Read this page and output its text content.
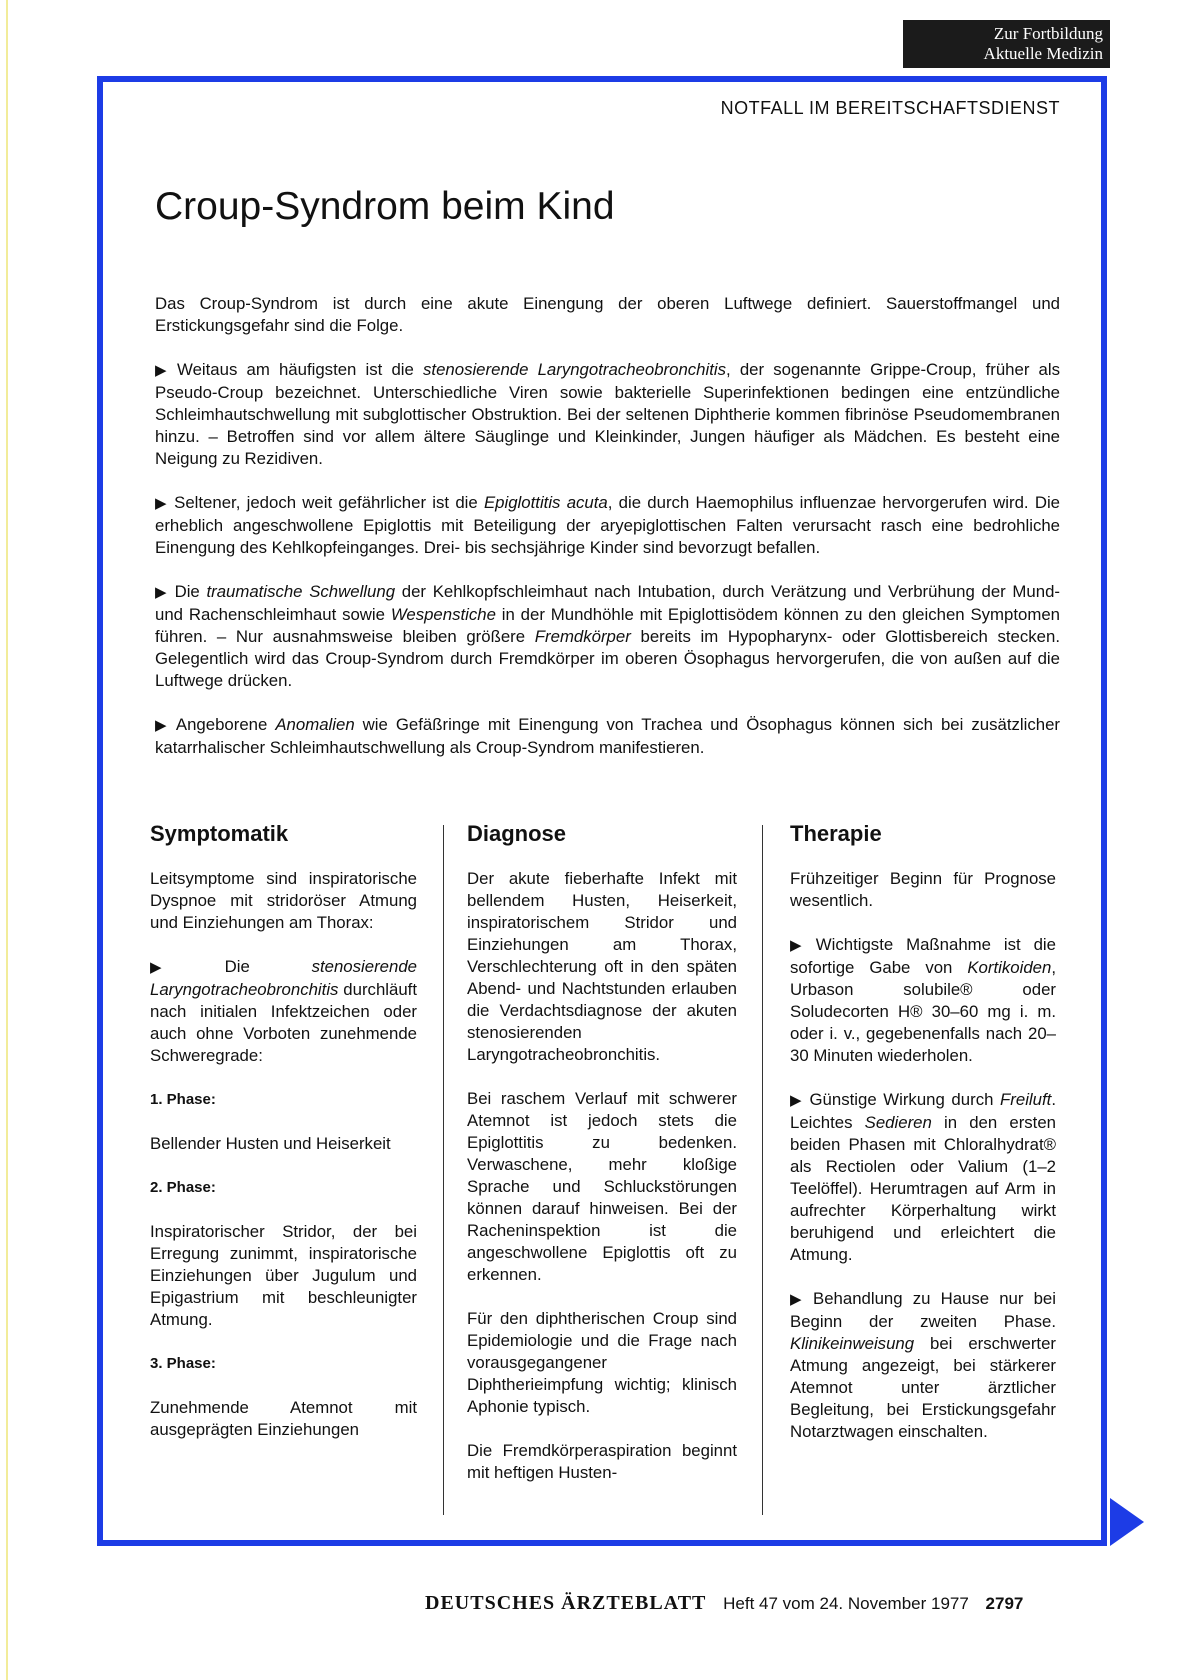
Zur Fortbildung
Aktuelle Medizin
NOTFALL IM BEREITSCHAFTSDIENST
Croup-Syndrom beim Kind

Das Croup-Syndrom ist durch eine akute Einengung der oberen Luftwege definiert. Sauerstoffmangel und Erstickungsgefahr sind die Folge.

▶ Weitaus am häufigsten ist die stenosierende Laryngotracheobronchitis, der sogenannte Grippe-Croup, früher als Pseudo-Croup bezeichnet. Unterschiedliche Viren sowie bakterielle Superinfektionen bedingen eine entzündliche Schleimhautschwellung mit subglottischer Obstruktion. Bei der seltenen Diphtherie kommen fibrinöse Pseudomembranen hinzu. – Betroffen sind vor allem ältere Säuglinge und Kleinkinder, Jungen häufiger als Mädchen. Es besteht eine Neigung zu Rezidiven.

▶ Seltener, jedoch weit gefährlicher ist die Epiglottitis acuta, die durch Haemophilus influenzae hervorgerufen wird. Die erheblich angeschwollene Epiglottis mit Beteiligung der aryepiglottischen Falten verursacht rasch eine bedrohliche Einengung des Kehlkopfeinganges. Drei- bis sechsjährige Kinder sind bevorzugt befallen.

▶ Die traumatische Schwellung der Kehlkopfschleimhaut nach Intubation, durch Verätzung und Verbrühung der Mund- und Rachenschleimhaut sowie Wespenstiche in der Mundhöhle mit Epiglottisödem können zu den gleichen Symptomen führen. – Nur ausnahmsweise bleiben größere Fremdkörper bereits im Hypopharynx- oder Glottisbereich stecken. Gelegentlich wird das Croup-Syndrom durch Fremdkörper im oberen Ösophagus hervorgerufen, die von außen auf die Luftwege drücken.

▶ Angeborene Anomalien wie Gefäßringe mit Einengung von Trachea und Ösophagus können sich bei zusätzlicher katarrhalischer Schleimhautschwellung als Croup-Syndrom manifestieren.

Symptomatik

Leitsymptome sind inspiratorische Dyspnoe mit stridoröser Atmung und Einziehungen am Thorax:

▶ Die stenosierende Laryngotracheobronchitis durchläuft nach initialen Infektzeichen oder auch ohne Vorboten zunehmende Schweregrade:

1. Phase:

Bellender Husten und Heiserkeit

2. Phase:

Inspiratorischer Stridor, der bei Erregung zunimmt, inspiratorische Einziehungen über Jugulum und Epigastrium mit beschleunigter Atmung.

3. Phase:

Zunehmende Atemnot mit ausgeprägten Einziehungen

Diagnose

Der akute fieberhafte Infekt mit bellendem Husten, Heiserkeit, inspiratorischem Stridor und Einziehungen am Thorax, Verschlechterung oft in den späten Abend- und Nachtstunden erlauben die Verdachtsdiagnose der akuten stenosierenden Laryngotracheobronchitis.

Bei raschem Verlauf mit schwerer Atemnot ist jedoch stets die Epiglottitis zu bedenken. Verwaschene, mehr kloßige Sprache und Schluckstörungen können darauf hinweisen. Bei der Racheninspektion ist die angeschwollene Epiglottis oft zu erkennen.

Für den diphtherischen Croup sind Epidemiologie und die Frage nach vorausgegangener Diphtherieimpfung wichtig; klinisch Aphonie typisch.

Die Fremdkörperaspiration beginnt mit heftigen Husten-

Therapie

Frühzeitiger Beginn für Prognose wesentlich.

▶ Wichtigste Maßnahme ist die sofortige Gabe von Kortikoiden, Urbason solubile® oder Soludecorten H® 30–60 mg i. m. oder i. v., gegebenenfalls nach 20–30 Minuten wiederholen.

▶ Günstige Wirkung durch Freiluft. Leichtes Sedieren in den ersten beiden Phasen mit Chloralhydrat® als Rectiolen oder Valium (1–2 Teelöffel). Herumtragen auf Arm in aufrechter Körperhaltung wirkt beruhigend und erleichtert die Atmung.

▶ Behandlung zu Hause nur bei Beginn der zweiten Phase. Klinikeinweisung bei erschwerter Atmung angezeigt, bei stärkerer Atemnot unter ärztlicher Begleitung, bei Erstickungsgefahr Notarztwagen einschalten.

DEUTSCHES ÄRZTEBLATT Heft 47 vom 24. November 1977 2797
